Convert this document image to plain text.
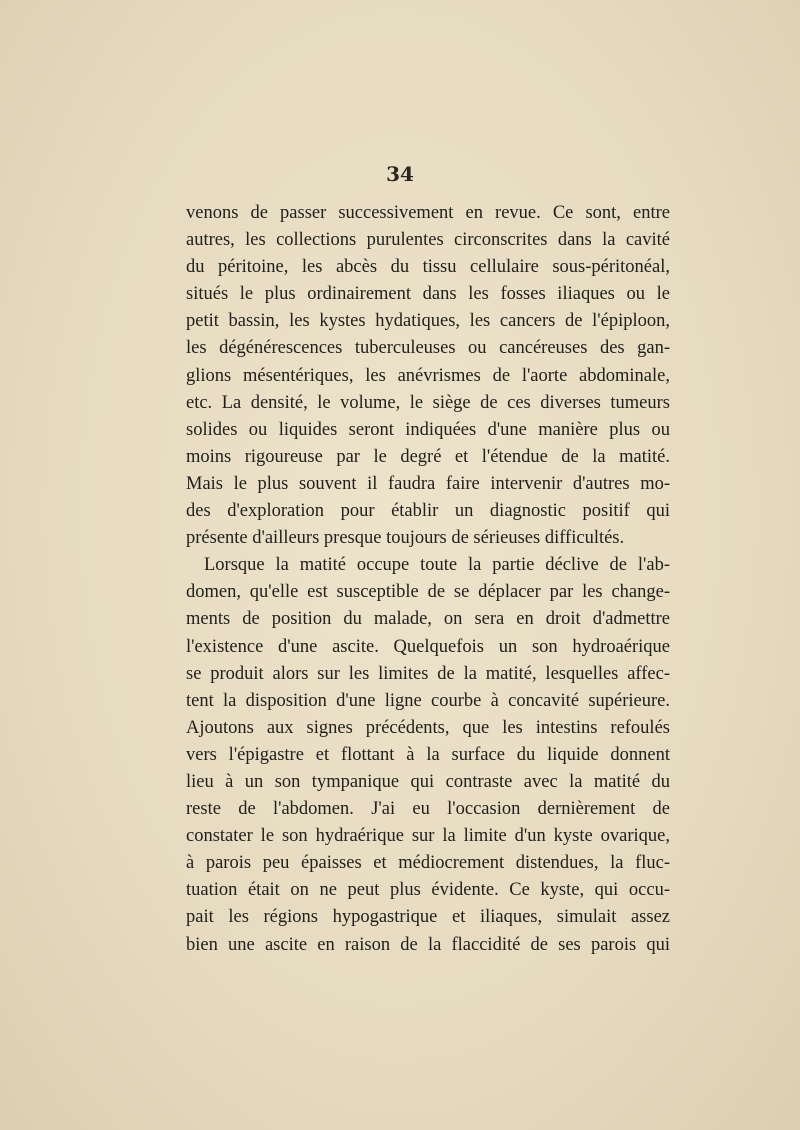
34
venons de passer successivement en revue. Ce sont, entre
autres, les collections purulentes circonscrites dans la cavité
du péritoine, les abcès du tissu cellulaire sous-péritonéal,
situés le plus ordinairement dans les fosses iliaques ou le
petit bassin, les kystes hydatiques, les cancers de l'épiploon,
les dégénérescences tuberculeuses ou cancéreuses des gan-
glions mésentériques, les anévrismes de l'aorte abdominale,
etc. La densité, le volume, le siège de ces diverses tumeurs
solides ou liquides seront indiquées d'une manière plus ou
moins rigoureuse par le degré et l'étendue de la matité.
Mais le plus souvent il faudra faire intervenir d'autres mo-
des d'exploration pour établir un diagnostic positif qui
présente d'ailleurs presque toujours de sérieuses difficultés.
Lorsque la matité occupe toute la partie déclive de l'ab-
domen, qu'elle est susceptible de se déplacer par les change-
ments de position du malade, on sera en droit d'admettre
l'existence d'une ascite. Quelquefois un son hydroaérique
se produit alors sur les limites de la matité, lesquelles affec-
tent la disposition d'une ligne courbe à concavité supérieure.
Ajoutons aux signes précédents, que les intestins refoulés
vers l'épigastre et flottant à la surface du liquide donnent
lieu à un son tympanique qui contraste avec la matité du
reste de l'abdomen. J'ai eu l'occasion dernièrement de
constater le son hydraérique sur la limite d'un kyste ovarique,
à parois peu épaisses et médiocrement distendues, la fluc-
tuation était on ne peut plus évidente. Ce kyste, qui occu-
pait les régions hypogastrique et iliaques, simulait assez
bien une ascite en raison de la flaccidité de ses parois qui
